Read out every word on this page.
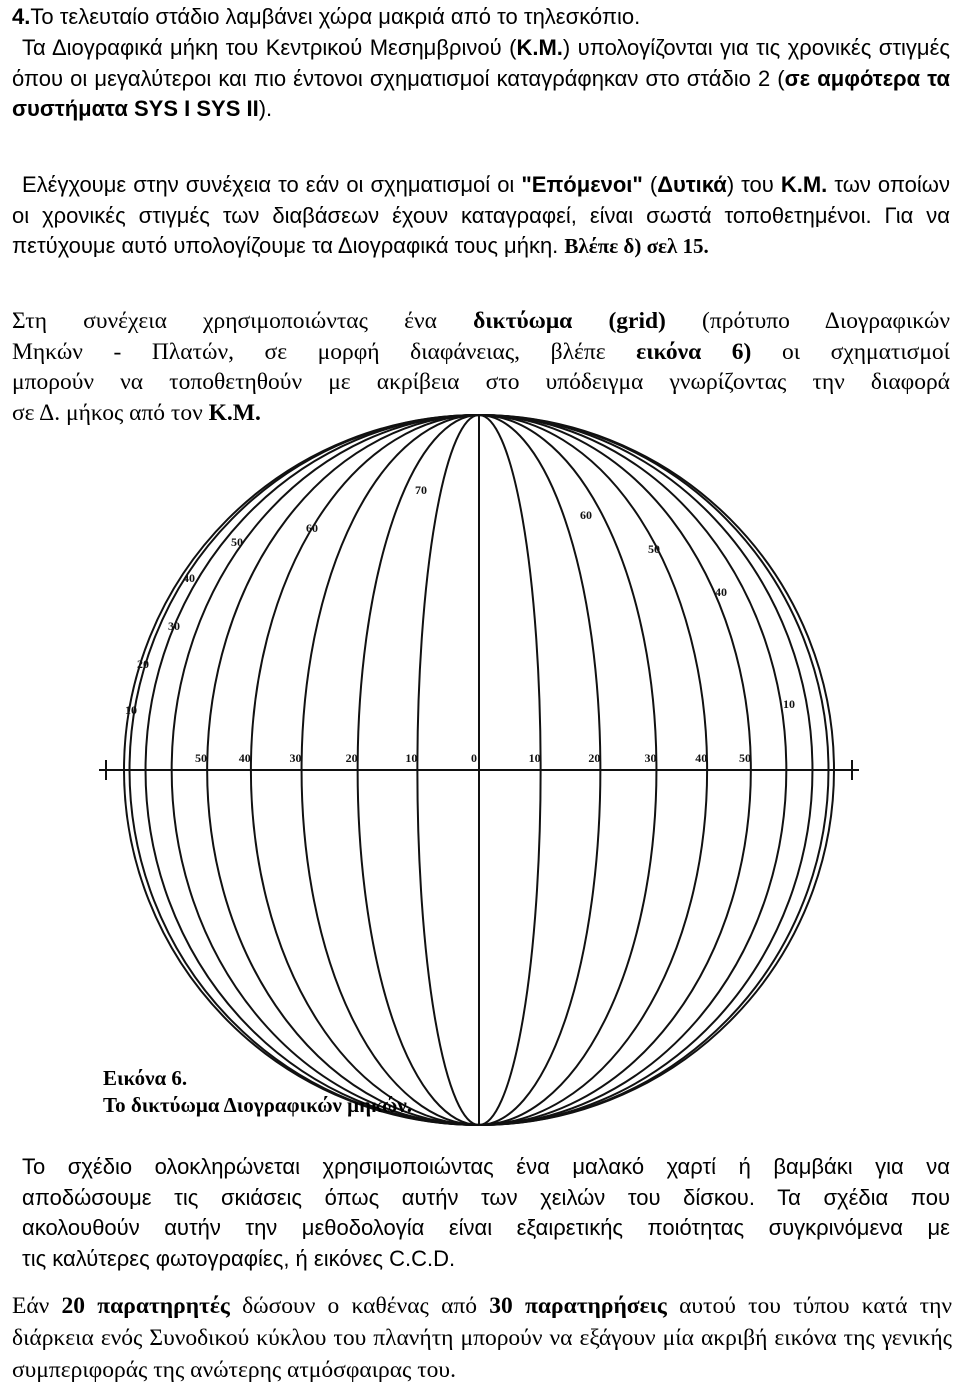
4.Το τελευταίο στάδιο λαμβάνει χώρα μακριά από το τηλεσκόπιο.
Τα Διογραφικά μήκη του Κεντρικού Μεσημβρινού (Κ.Μ.) υπολογίζονται για τις χρονικές στιγμές όπου οι μεγαλύτεροι και πιο έντονοι σχηματισμοί καταγράφηκαν στο στάδιο 2 (σε αμφότερα τα συστήματα SYS I SYS II).
Ελέγχουμε στην συνέχεια το εάν οι σχηματισμοί οι "Επόμενοι" (Δυτικά) του Κ.Μ. των οποίων οι χρονικές στιγμές των διαβάσεων έχουν καταγραφεί, είναι σωστά τοποθετημένοι. Για να πετύχουμε αυτό υπολογίζουμε τα Διογραφικά τους μήκη. Βλέπε δ) σελ 15.
Στη συνέχεια χρησιμοποιώντας ένα δικτύωμα (grid) (πρότυπο Διογραφικών
Μηκών - Πλατών, σε μορφή διαφάνειας, βλέπε εικόνα 6) οι σχηματισμοί
μπορούν να τοποθετηθούν με ακρίβεια στο υπόδειγμα γνωρίζοντας την διαφορά
σε Δ. μήκος από τον Κ.Μ.
50	40	30	20	10	0	10	20	30	40	50
70
60
60
50	50
40
40
30
20
10	10
Εικόνα 6.
Το δικτύωμα Διογραφικών μηκών.
Το σχέδιο ολοκληρώνεται χρησιμοποιώντας ένα μαλακό χαρτί ή βαμβάκι για να
αποδώσουμε τις σκιάσεις όπως αυτήν των χειλών του δίσκου. Τα σχέδια που
ακολουθούν αυτήν την μεθοδολογία είναι εξαιρετικής ποιότητας συγκρινόμενα με
τις καλύτερες φωτογραφίες, ή εικόνες C.C.D.
Εάν 20 παρατηρητές δώσουν ο καθένας από 30 παρατηρήσεις αυτού του τύπου κατά την διάρκεια ενός Συνοδικού κύκλου του πλανήτη μπορούν να εξάγουν μία ακριβή εικόνα της γενικής συμπεριφοράς της ανώτερης ατμόσφαιρας του.
